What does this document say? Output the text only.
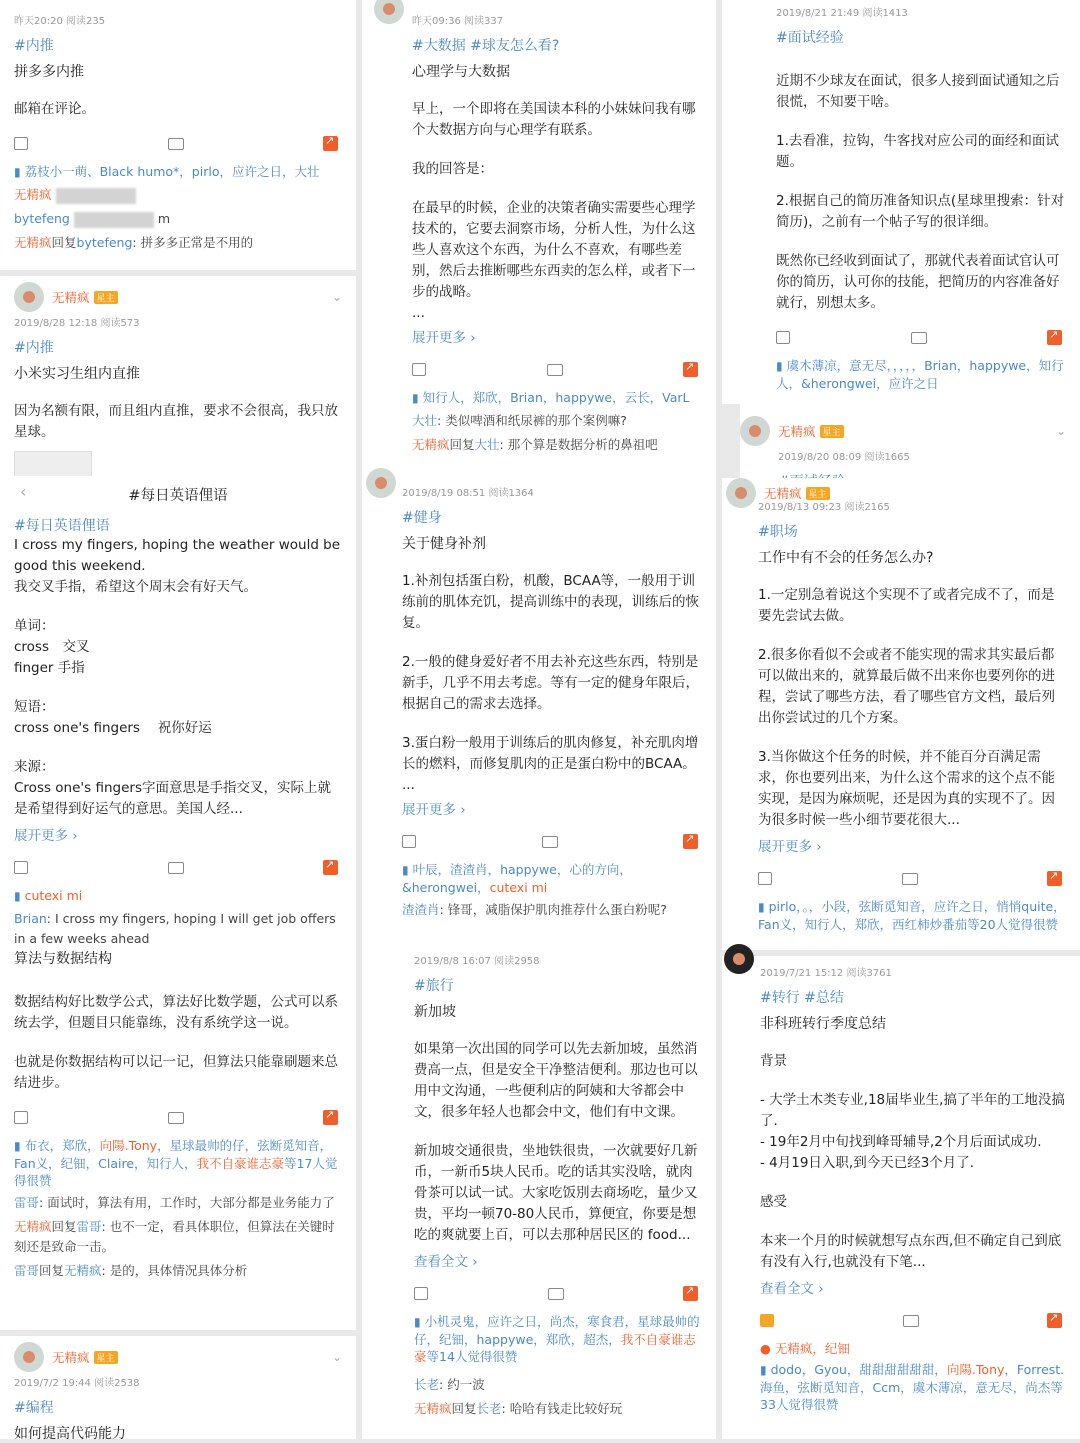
昨天20:20 阅读235
#内推
拼多多内推
邮箱在评论。
↗
▮ 荔枝小一萌、Black humo*，pirlo，应许之日，大壮
无精疯
bytefeng	m
无精疯回复bytefeng: 拼多多正常是不用的
无精疯 星主	⌄
2019/8/28 12:18 阅读573
#内推
小米实习生组内直推
因为名额有限，而且组内直推，要求不会很高，我只放星球。
‹	#每日英语俚语
#每日英语俚语
I cross my fingers, hoping the weather would be good this weekend.
我交叉手指，希望这个周末会有好天气。
单词：
cross　交叉
finger 手指
短语：
cross one's fingers　 祝你好运
来源：
Cross one's fingers字面意思是手指交叉，实际上就是希望得到好运气的意思。美国人经...
展开更多 ›
↗
▮ cutexi mi
Brian: I cross my fingers, hoping I will get job offers in a few weeks ahead
算法与数据结构
数据结构好比数学公式，算法好比数学题，公式可以系统去学，但题目只能靠练，没有系统学这一说。
也就是你数据结构可以记一记，但算法只能靠刷题来总结进步。
↗
▮ 布衣，郑欣，向陽.Tony，星球最帅的仔，弦断觅知音，Fan义，纪钿，Claire，知行人，我不自豪谁志豪等17人觉得很赞
雷哥: 面试时，算法有用，工作时，大部分都是业务能力了
无精疯回复雷哥: 也不一定，看具体职位，但算法在关键时刻还是致命一击。
雷哥回复无精疯: 是的，具体情况具体分析
无精疯 星主	⌄
2019/7/2 19:44 阅读2538
#编程
如何提高代码能力
昨天09:36 阅读337
#大数据 #球友怎么看?
心理学与大数据
早上，一个即将在美国读本科的小妹妹问我有哪个大数据方向与心理学有联系。
我的回答是：
在最早的时候，企业的决策者确实需要些心理学技术的，它要去洞察市场，分析人性，为什么这些人喜欢这个东西，为什么不喜欢，有哪些差别，然后去推断哪些东西卖的怎么样，或者下一步的战略。
...
展开更多 ›
↗
▮ 知行人，郑欣，Brian，happywe，云长，VarL
大壮: 类似啤酒和纸尿裤的那个案例嘛?
无精疯回复大壮: 那个算是数据分析的鼻祖吧
2019/8/19 08:51 阅读1364
#健身
关于健身补剂
1.补剂包括蛋白粉，机酸，BCAA等，一般用于训练前的肌体充饥，提高训练中的表现，训练后的恢复。
2.一般的健身爱好者不用去补充这些东西，特别是新手，几乎不用去考虑。等有一定的健身年限后，根据自己的需求去选择。
3.蛋白粉一般用于训练后的肌肉修复，补充肌肉增长的燃料，而修复肌肉的正是蛋白粉中的BCAA。
...
展开更多 ›
↗
▮ 叶辰，渣渣肖，happywe，心的方向，&herongwei，cutexi mi
渣渣肖: 锋哥，减脂保护肌肉推荐什么蛋白粉呢?
2019/8/8 16:07 阅读2958
#旅行
新加坡
如果第一次出国的同学可以先去新加坡，虽然消费高一点，但是安全干净整洁便利。那边也可以用中文沟通，一些便利店的阿姨和大爷都会中文，很多年轻人也都会中文，他们有中文课。
新加坡交通很贵，坐地铁很贵，一次就要好几新币，一新币5块人民币。吃的话其实没啥，就肉骨茶可以试一试。大家吃饭別去商场吃，量少又贵，平均一顿70-80人民币，算便宜，你要是想吃的爽就要上百，可以去那种居民区的 food...
查看全文 ›
↗
▮ 小机灵鬼，应许之日，尚杰，寒食君，星球最帅的仔，纪钿，happywe，郑欣，超杰，我不自豪谁志豪等14人觉得很赞
长老: 约一波
无精疯回复长老: 哈哈有钱走比较好玩
2019/8/21 21:49 阅读1413
#面试经验
近期不少球友在面试，很多人接到面试通知之后很慌，不知要干啥。
1.去看准，拉钩，牛客找对应公司的面经和面试题。
2.根据自己的简历准备知识点(星球里搜索：针对简历)，之前有一个帖子写的很详细。
既然你已经收到面试了，那就代表着面试官认可你的简历，认可你的技能，把简历的内容准备好就行，别想太多。
↗
▮ 虞木薄凉，意无尽，，，，，Brian，happywe，知行人，&herongwei，应许之日
无精疯 星主	⌄
2019/8/20 08:09 阅读1665
无精疯 星主
2019/8/13 09:23 阅读2165
#职场
工作中有不会的任务怎么办?
1.一定别急着说这个实现不了或者完成不了，而是要先尝试去做。
2.很多你看似不会或者不能实现的需求其实最后都可以做出来的，就算最后做不出来你也要列你的进程，尝试了哪些方法，看了哪些官方文档，最后列出你尝试过的几个方案。
3.当你做这个任务的时候，并不能百分百满足需求，你也要列出来，为什么这个需求的这个点不能实现，是因为麻烦呢，还是因为真的实现不了。因为很多时候一些小细节要花很大...
展开更多 ›
↗
▮ pirlo，。，小段，弦断觅知音，应许之日，悄悄quite，Fan义，知行人，郑欣，西红柿炒番茄等20人觉得很赞
2019/7/21 15:12 阅读3761
#转行 #总结
非科班转行季度总结
背景
- 大学土木类专业,18届毕业生,搞了半年的工地没搞了.
- 19年2月中旬找到峰哥辅导,2个月后面试成功.
- 4月19日入职,到今天已经3个月了.
感受
本来一个月的时候就想写点东西,但不确定自己到底有没有入行,也就没有下笔...
查看全文 ›
↗
● 无精疯，纪钿
▮ dodo，Gyou，甜甜甜甜甜甜，向陽.Tony，Forrest.海鱼，弦断觅知音，Ccm，虞木薄凉，意无尽，尚杰等33人觉得很赞
